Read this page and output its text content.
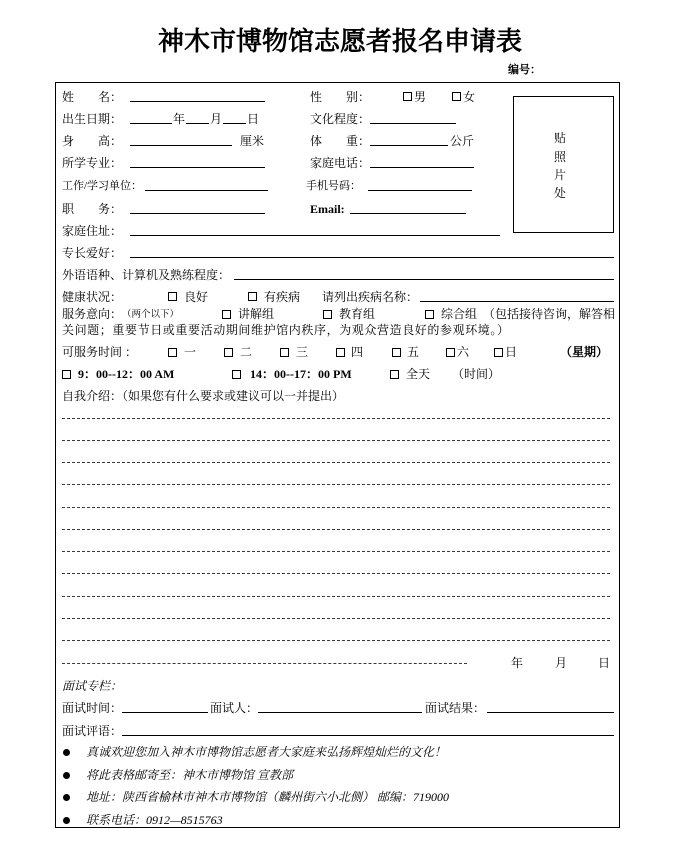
神木市博物馆志愿者报名申请表
编号：
贴
照
片
处
姓　　名：	性　　别：	男	女
出生日期：	年 月 日	文化程度：
身　　高：	厘米	体　　重：	公斤
所学专业：	家庭电话：
工作/学习单位：	手机号码：
职　　务：	Email:
家庭住址：
专长爱好：
外语语种、计算机及熟练程度：
健康状况：	良好	有疾病 请列出疾病名称：
服务意向： （两个以下）	讲解组	教育组	综合组 （包括接待咨询，解答相
关问题；重要节日或重要活动期间维护馆内秩序，为观众营造良好的参观环境。）
可服务时间 ：	一	二	三	四	五	六	日	（星期）
9：00--12：00 AM	14：00--17：00 PM	全天 （时间）
自我介绍：（如果您有什么要求或建议可以一并提出）
年	月	日
面试专栏：
面试时间：	面试人：	面试结果：
面试评语：
真诚欢迎您加入神木市博物馆志愿者大家庭来弘扬辉煌灿烂的文化！
将此表格邮寄至：神木市博物馆 宣教部
地址：陕西省榆林市神木市博物馆（麟州街六小北侧） 邮编：719000
联系电话：0912—8515763
